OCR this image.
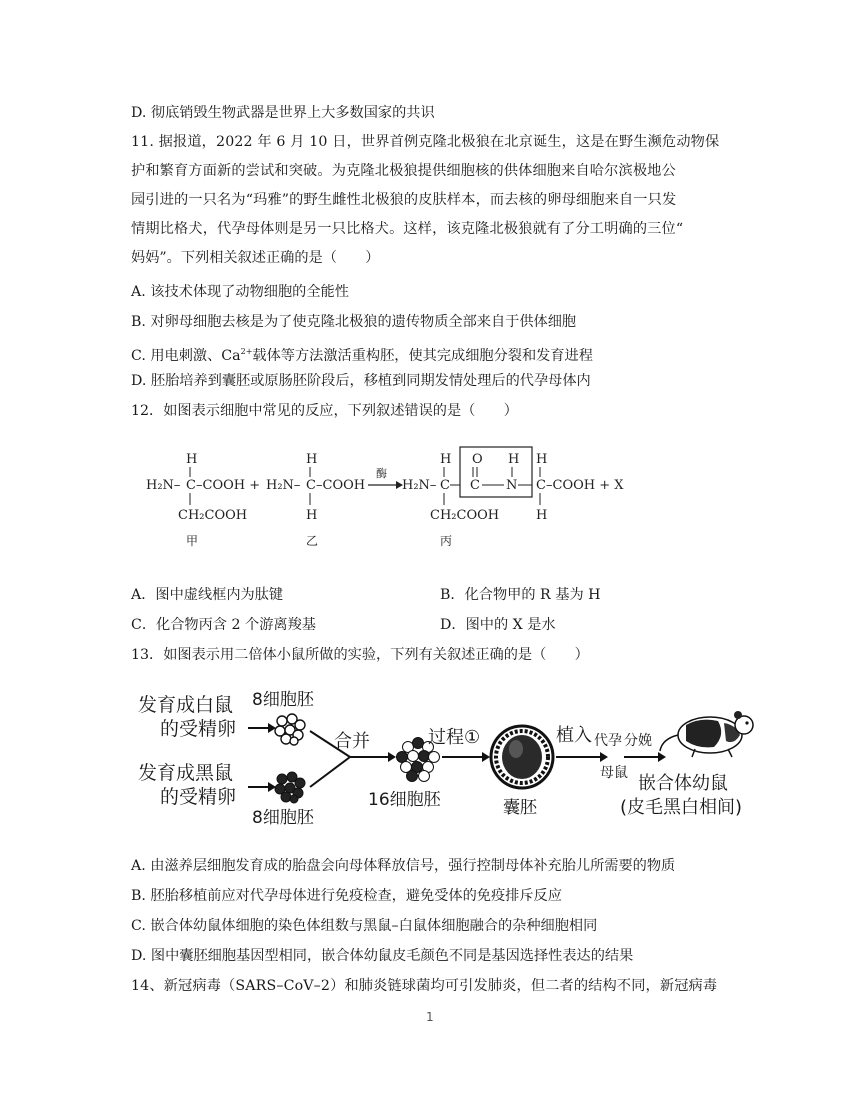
D. 彻底销毁生物武器是世界上大多数国家的共识
11. 据报道，2022 年 6 月 10 日，世界首例克隆北极狼在北京诞生，这是在野生濒危动物保
护和繁育方面新的尝试和突破。为克隆北极狼提供细胞核的供体细胞来自哈尔滨极地公
园引进的一只名为“玛雅”的野生雌性北极狼的皮肤样本，而去核的卵母细胞来自一只发
情期比格犬，代孕母体则是另一只比格犬。这样，该克隆北极狼就有了分工明确的三位“
妈妈”。下列相关叙述正确的是（　　）
A. 该技术体现了动物细胞的全能性
B. 对卵母细胞去核是为了使克隆北极狼的遗传物质全部来自于供体细胞
C. 用电刺激、$Ca^{2+}$载体等方法激活重构胚，使其完成细胞分裂和发育进程
D. 胚胎培养到囊胚或原肠胚阶段后，移植到同期发情处理后的代孕母体内
12．如图表示细胞中常见的反应，下列叙述错误的是（　　）
H
H₂N– C –COOH +
CH₂COOH
甲
H
H₂N– C –COOH
H
乙
酶
H
H₂N– C
CH₂COOH
丙
O
C
H
N
H
C –COOH + X
H
A．图中虚线框内为肽键	B．化合物甲的 R 基为 H
C．化合物丙含 2 个游离羧基	D．图中的 X 是水
13．如图表示用二倍体小鼠所做的实验，下列有关叙述正确的是（　　）
发育成白鼠
的受精卵
发育成黑鼠
的受精卵
8细胞胚
8细胞胚
合并
16细胞胚
过程①
囊胚
植入 代孕
母鼠
分娩
嵌合体幼鼠
(皮毛黑白相间)
A. 由滋养层细胞发育成的胎盘会向母体释放信号，强行控制母体补充胎儿所需要的物质
B. 胚胎移植前应对代孕母体进行免疫检查，避免受体的免疫排斥反应
C. 嵌合体幼鼠体细胞的染色体组数与黑鼠–白鼠体细胞融合的杂种细胞相同
D. 图中囊胚细胞基因型相同，嵌合体幼鼠皮毛颜色不同是基因选择性表达的结果
14、新冠病毒（SARS–CoV–2）和肺炎链球菌均可引发肺炎，但二者的结构不同，新冠病毒
1
